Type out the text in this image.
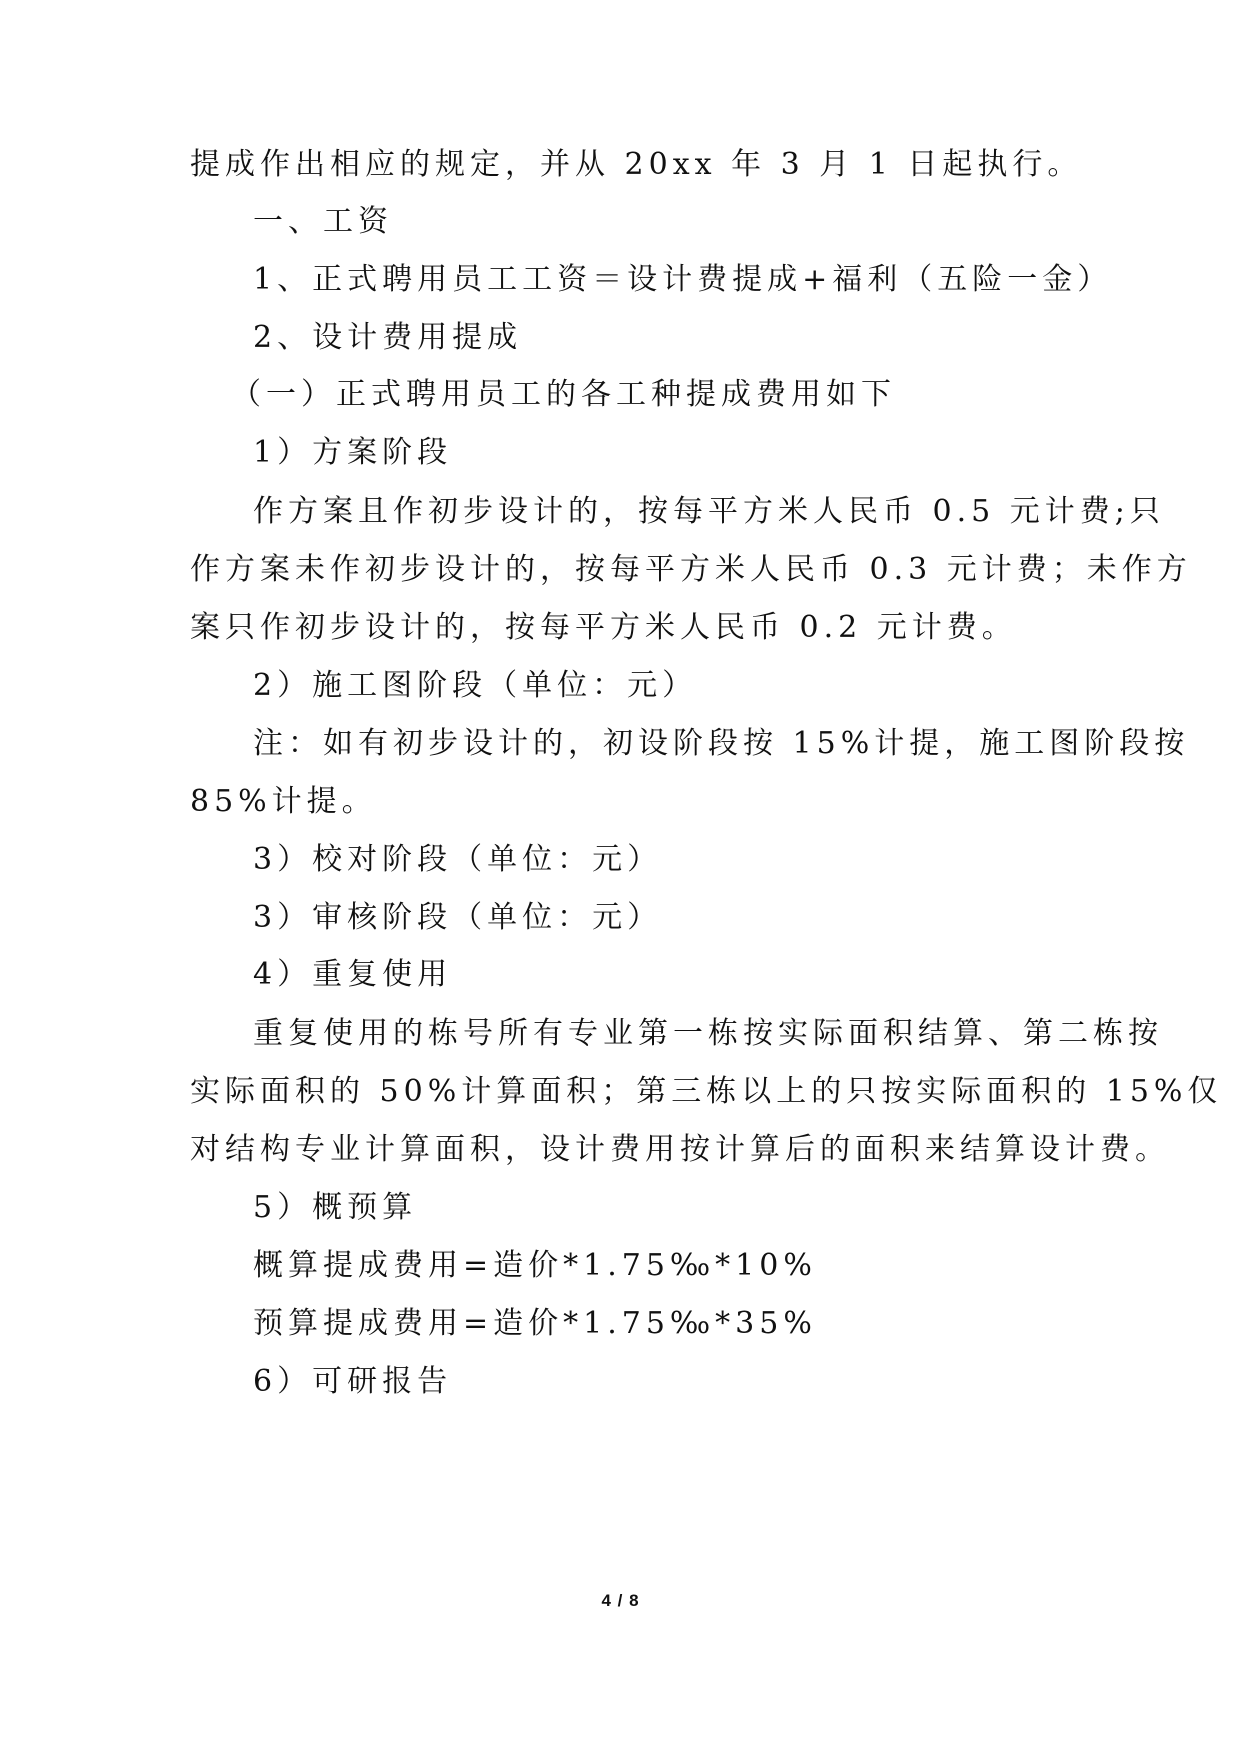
提成作出相应的规定，并从 20xx 年 3 月 1 日起执行。
一、工资
1、正式聘用员工工资＝设计费提成+福利（五险一金）
2、设计费用提成
（一）正式聘用员工的各工种提成费用如下
1）方案阶段
作方案且作初步设计的，按每平方米人民币 0.5 元计费;只
作方案未作初步设计的，按每平方米人民币 0.3 元计费；未作方
案只作初步设计的，按每平方米人民币 0.2 元计费。
2）施工图阶段（单位：元）
注：如有初步设计的，初设阶段按 15%计提，施工图阶段按
85%计提。
3）校对阶段（单位：元）
3）审核阶段（单位：元）
4）重复使用
重复使用的栋号所有专业第一栋按实际面积结算、第二栋按
实际面积的 50%计算面积；第三栋以上的只按实际面积的 15%仅
对结构专业计算面积，设计费用按计算后的面积来结算设计费。
5）概预算
概算提成费用=造价*1.75‰*10%
预算提成费用=造价*1.75‰*35%
6）可研报告
4 / 8
